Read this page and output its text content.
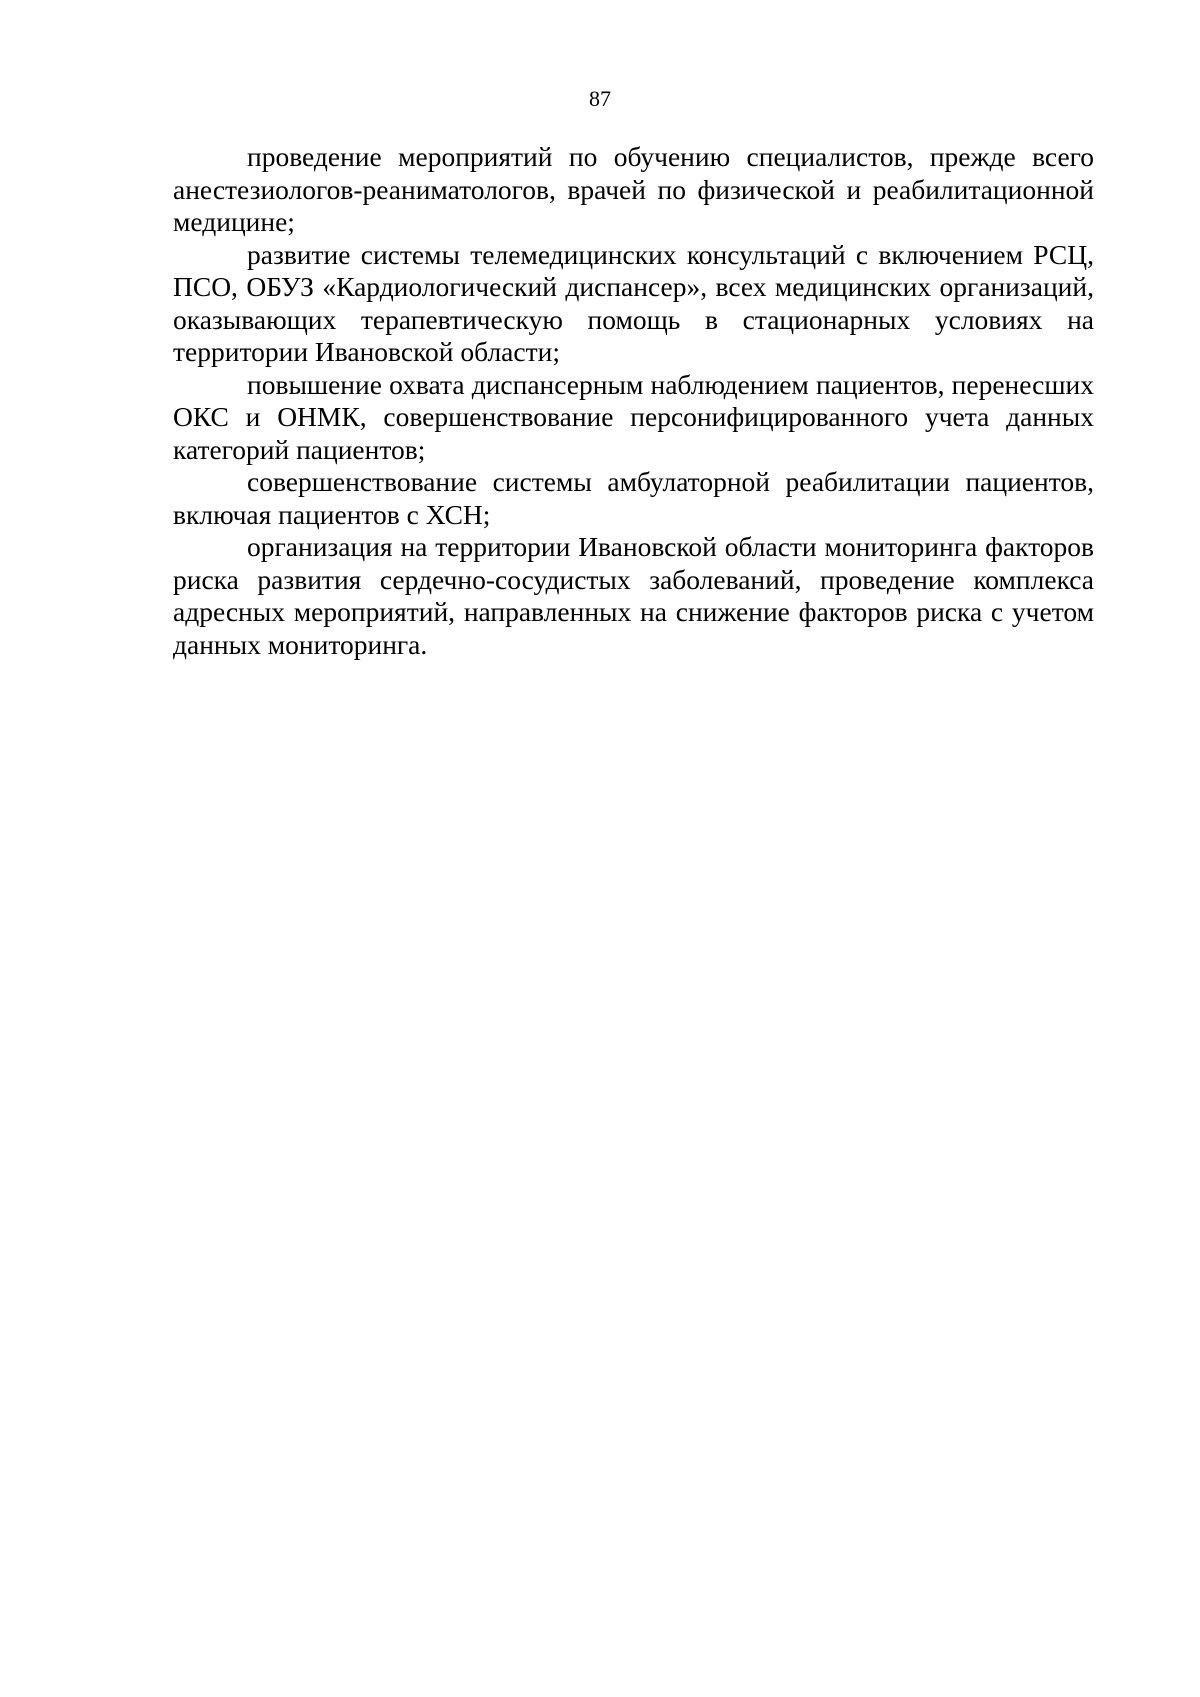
87

проведение мероприятий по обучению специалистов, прежде всего анестезиологов-реаниматологов, врачей по физической и реабилитационной медицине;

развитие системы телемедицинских консультаций с включением РСЦ, ПСО, ОБУЗ «Кардиологический диспансер», всех медицинских организаций, оказывающих терапевтическую помощь в стационарных условиях на территории Ивановской области;

повышение охвата диспансерным наблюдением пациентов, перенесших ОКС и ОНМК, совершенствование персонифицированного учета данных категорий пациентов;

совершенствование системы амбулаторной реабилитации пациентов, включая пациентов с ХСН;

организация на территории Ивановской области мониторинга факторов риска развития сердечно-сосудистых заболеваний, проведение комплекса адресных мероприятий, направленных на снижение факторов риска с учетом данных мониторинга.
